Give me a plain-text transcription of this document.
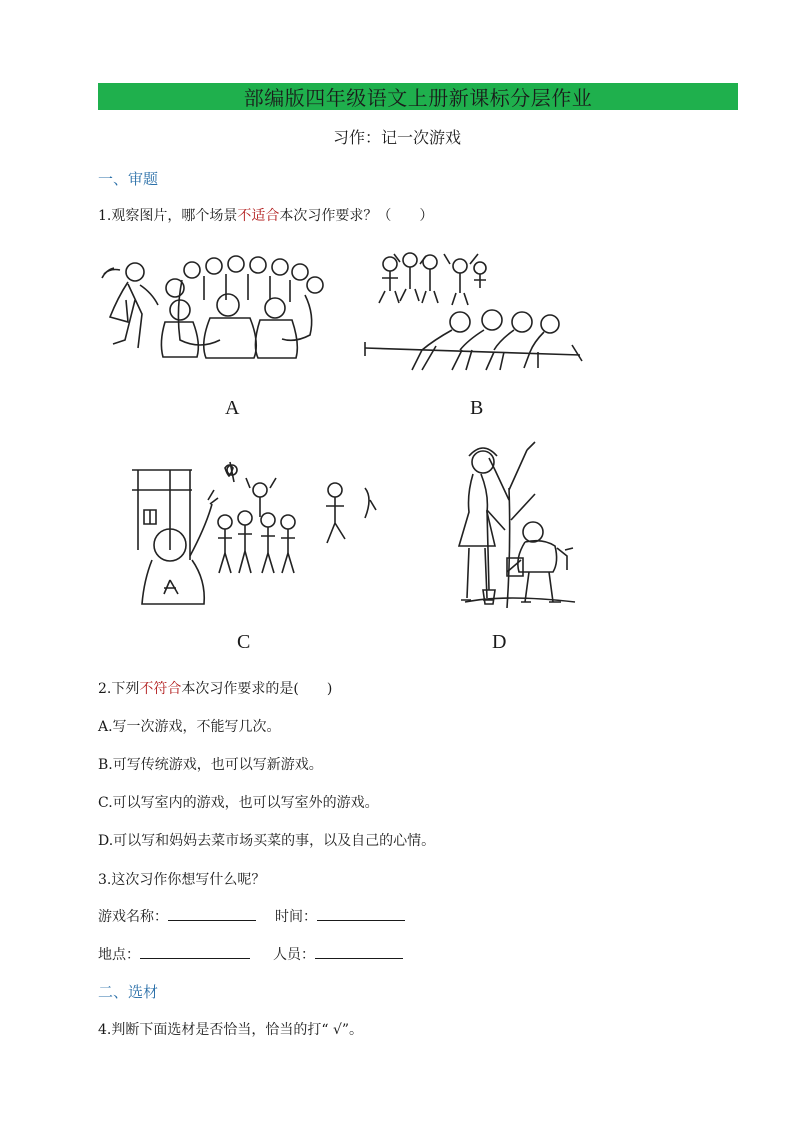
部编版四年级语文上册新课标分层作业
习作：记一次游戏
一、审题
1.观察图片，哪个场景不适合本次习作要求？（　　）
A	B
C	D
2.下列不符合本次习作要求的是(　　)
A.写一次游戏，不能写几次。
B.可写传统游戏，也可以写新游戏。
C.可以写室内的游戏，也可以写室外的游戏。
D.可以写和妈妈去菜市场买菜的事，以及自己的心情。
3.这次习作你想写什么呢？
游戏名称：	时间：
地点：	人员：
二、选材
4.判断下面选材是否恰当，恰当的打“ √”。
